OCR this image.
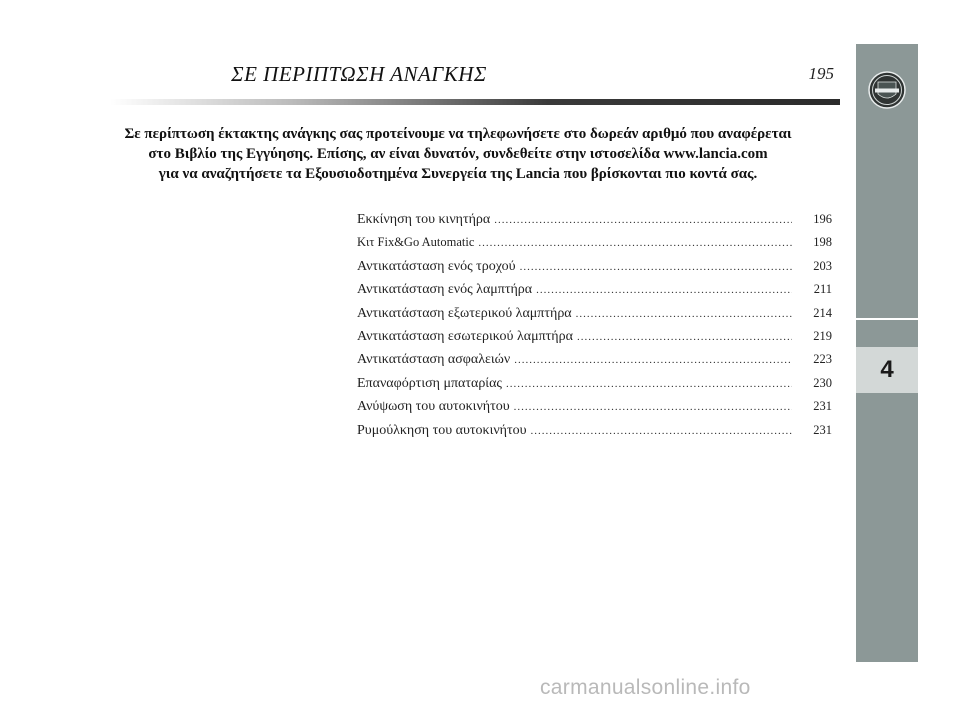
ΣΕ ΠΕΡΙΠΤΩΣΗ ΑΝΑΓΚΗΣ	195
Σε περίπτωση έκτακτης ανάγκης σας προτείνουμε να τηλεφωνήσετε στο δωρεάν αριθμό που αναφέρεται
στο Βιβλίο της Εγγύησης. Επίσης, αν είναι δυνατόν, συνδεθείτε στην ιστοσελίδα www.lancia.com
για να αναζητήσετε τα Εξουσιοδοτημένα Συνεργεία της Lancia που βρίσκονται πιο κοντά σας.
Εκκίνηση του κινητήρα .....	196
Κιτ Fix&Go Automatic .....	198
Αντικατάσταση ενός τροχού .....	203
Αντικατάσταση ενός λαμπτήρα .....	211
Αντικατάσταση εξωτερικού λαμπτήρα .....	214
Αντικατάσταση εσωτερικού λαμπτήρα .....	219
Αντικατάσταση ασφαλειών .....	223
Επαναφόρτιση μπαταρίας .....	230
Ανύψωση του αυτοκινήτου .....	231
Ρυμούλκηση του αυτοκινήτου .....	231
4
carmanualsonline.info
